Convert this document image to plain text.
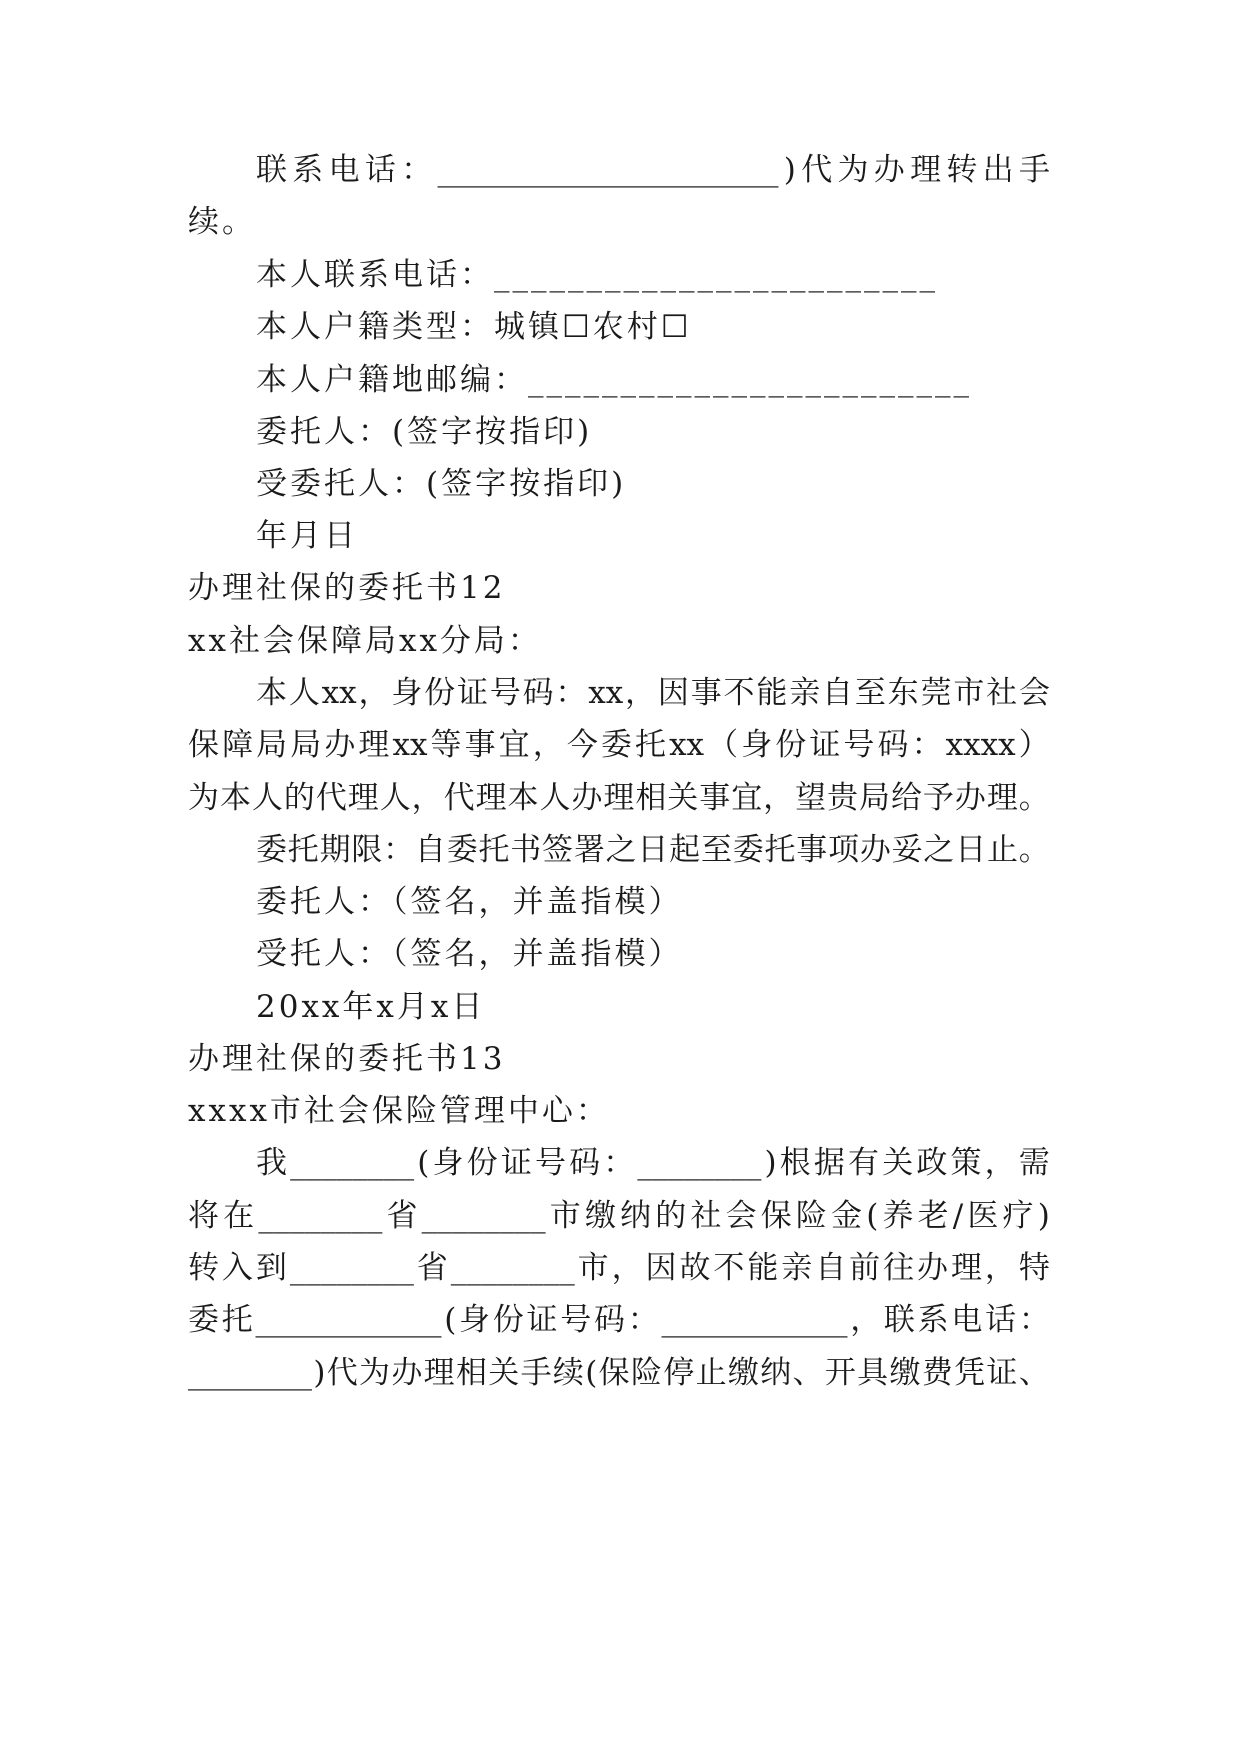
联 系 电 话 ： ______________________ ) 代 为 办 理 转 出 手
续。
本人联系电话：________________________
本人户籍类型：城镇☐农村☐
本人户籍地邮编：________________________
委托人：(签字按指印)
受委托人：(签字按指印)
年月日
办理社保的委托书12
xx社会保障局xx分局：
本 人 xx ， 身 份 证 号 码 ： xx ， 因 事 不 能 亲 自 至 东 莞 市 社 会
保 障 局 局 办 理 xx 等 事 宜 ， 今 委 托 xx （ 身 份 证 号 码 ： xxxx ）
为 本 人 的 代 理 人 ， 代 理 本 人 办 理 相 关 事 宜 ， 望 贵 局 给 予 办 理 。
委 托 期 限 ： 自 委 托 书 签 署 之 日 起 至 委 托 事 项 办 妥 之 日 止 。
委托人：（签名，并盖指模）
受托人：（签名，并盖指模）
20xx年x月x日
办理社保的委托书13
xxxx市社会保险管理中心：
我 ________ ( 身 份 证 号 码 ： ________ ) 根 据 有 关 政 策 ， 需
将 在 ________ 省 ________ 市 缴 纳 的 社 会 保 险 金 ( 养 老 / 医 疗 )
转 入 到 ________ 省 ________ 市 ， 因 故 不 能 亲 自 前 往 办 理 ， 特
委 托 ____________ ( 身 份 证 号 码 ： ____________ ， 联 系 电 话 ：
________ ) 代 为 办 理 相 关 手 续 ( 保 险 停 止 缴 纳 、 开 具 缴 费 凭 证 、
